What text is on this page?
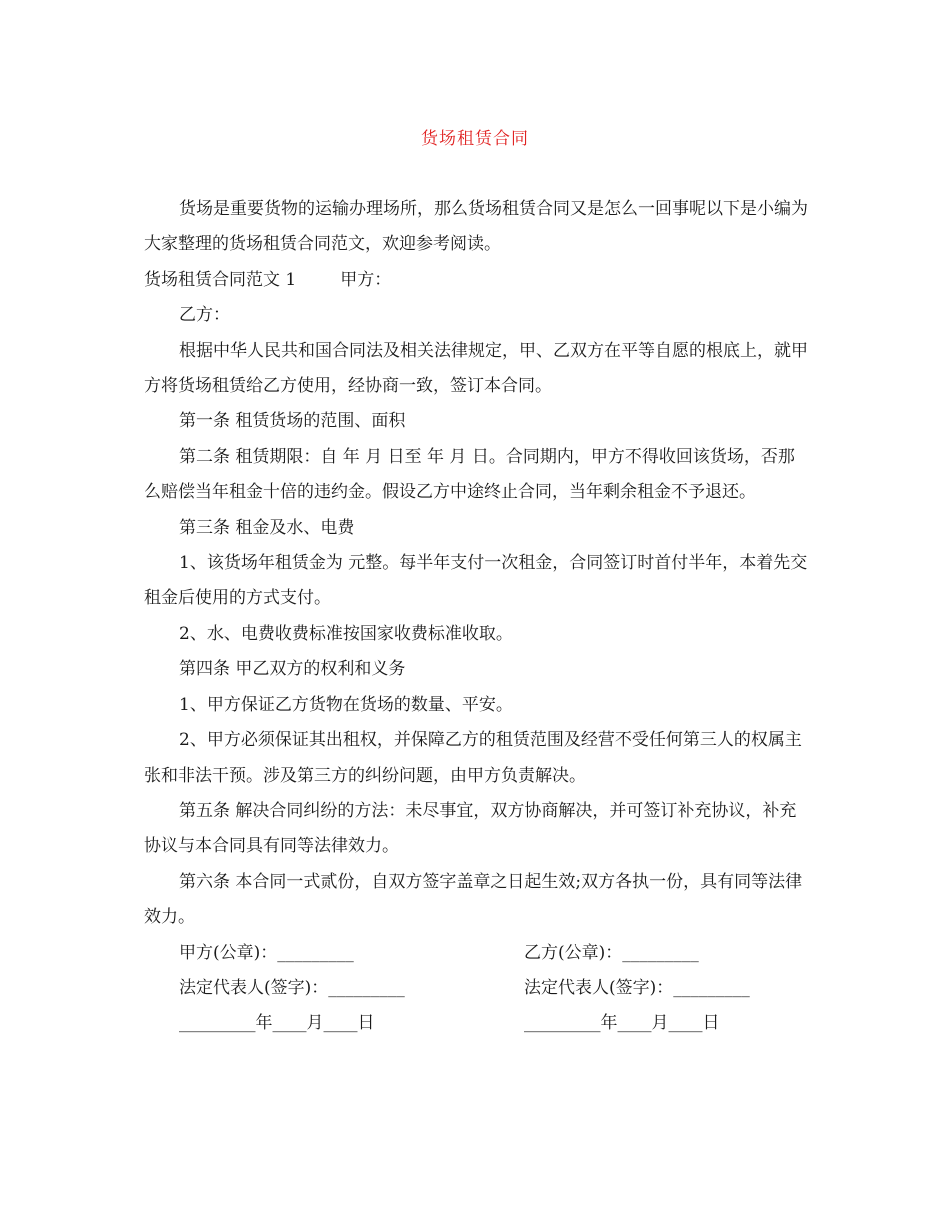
货场租赁合同

货场是重要货物的运输办理场所，那么货场租赁合同又是怎么一回事呢以下是小编为大家整理的货场租赁合同范文，欢迎参考阅读。

货场租赁合同范文 1	甲方：

乙方：

根据中华人民共和国合同法及相关法律规定，甲、乙双方在平等自愿的根底上，就甲方将货场租赁给乙方使用，经协商一致，签订本合同。

第一条 租赁货场的范围、面积

第二条 租赁期限：自 年 月 日至 年 月 日。合同期内，甲方不得收回该货场，否那么赔偿当年租金十倍的违约金。假设乙方中途终止合同，当年剩余租金不予退还。

第三条 租金及水、电费

1、该货场年租赁金为 元整。每半年支付一次租金，合同签订时首付半年，本着先交租金后使用的方式支付。

2、水、电费收费标准按国家收费标准收取。

第四条 甲乙双方的权利和义务

1、甲方保证乙方货物在货场的数量、平安。

2、甲方必须保证其出租权，并保障乙方的租赁范围及经营不受任何第三人的权属主张和非法干预。涉及第三方的纠纷问题，由甲方负责解决。

第五条 解决合同纠纷的方法：未尽事宜，双方协商解决，并可签订补充协议，补充协议与本合同具有同等法律效力。

第六条 本合同一式贰份，自双方签字盖章之日起生效;双方各执一份，具有同等法律效力。

甲方(公章)：_________	乙方(公章)：_________
法定代表人(签字)：_________	法定代表人(签字)：_________
_________年____月____日	_________年____月____日
